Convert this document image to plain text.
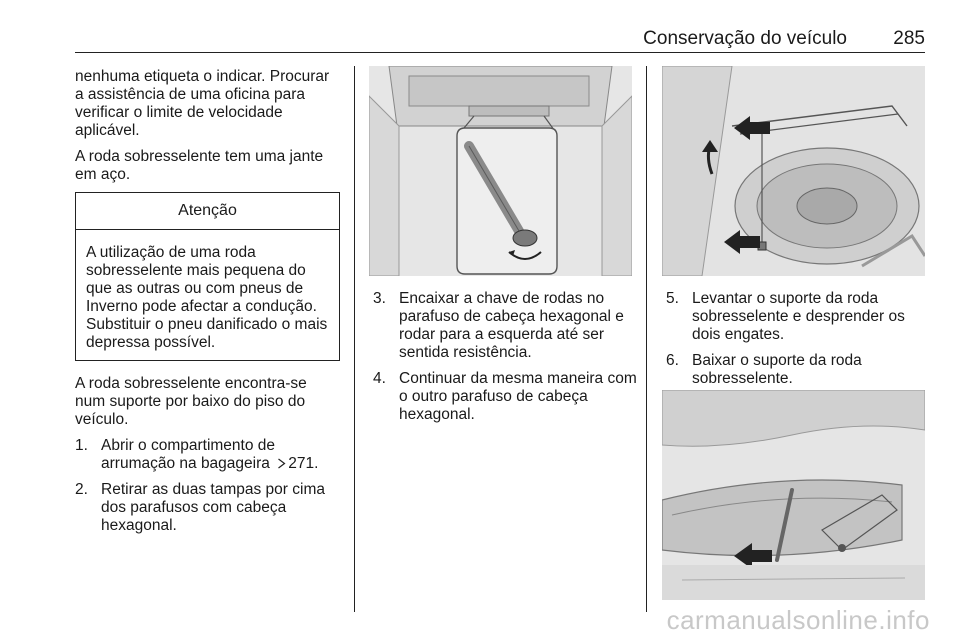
Conservação do veículo 285

nenhuma etiqueta o indicar. Procurar a assistência de uma oficina para verificar o limite de velocidade aplicável.

A roda sobresselente tem uma jante em aço.

Atenção
A utilização de uma roda sobresselente mais pequena do que as outras ou com pneus de Inverno pode afectar a condução. Substituir o pneu danificado o mais depressa possível.

A roda sobresselente encontra-se num suporte por baixo do piso do veículo.

1. Abrir o compartimento de arrumação na bagageira 271.
2. Retirar as duas tampas por cima dos parafusos com cabeça hexagonal.
3. Encaixar a chave de rodas no parafuso de cabeça hexagonal e rodar para a esquerda até ser sentida resistência.
4. Continuar da mesma maneira com o outro parafuso de cabeça hexagonal.
5. Levantar o suporte da roda sobresselente e desprender os dois engates.
6. Baixar o suporte da roda sobresselente.
carmanualsonline.info
